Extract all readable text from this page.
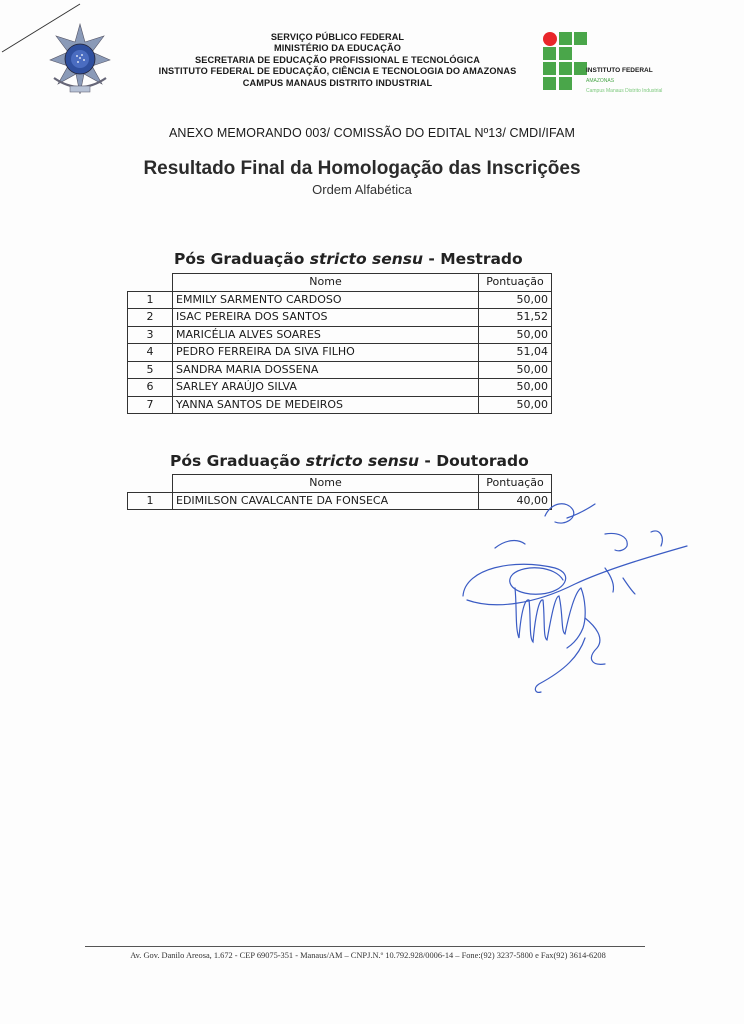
SERVIÇO PÚBLICO FEDERAL
MINISTÉRIO DA EDUCAÇÃO
SECRETARIA DE EDUCAÇÃO PROFISSIONAL E TECNOLÓGICA
INSTITUTO FEDERAL DE EDUCAÇÃO, CIÊNCIA E TECNOLOGIA DO AMAZONAS
CAMPUS MANAUS DISTRITO INDUSTRIAL
INSTITUTO FEDERAL
AMAZONAS
Campus Manaus Distrito Industrial
ANEXO MEMORANDO 003/ COMISSÃO DO EDITAL Nº13/ CMDI/IFAM
Resultado Final da Homologação das Inscrições
Ordem Alfabética
Pós Graduação stricto sensu - Mestrado
	Nome	Pontuação
1	EMMILY SARMENTO CARDOSO	50,00
2	ISAC PEREIRA DOS SANTOS	51,52
3	MARICÉLIA ALVES SOARES	50,00
4	PEDRO FERREIRA DA SIVA FILHO	51,04
5	SANDRA MARIA DOSSENA	50,00
6	SARLEY ARAÚJO SILVA	50,00
7	YANNA SANTOS DE MEDEIROS	50,00
Pós Graduação stricto sensu - Doutorado
	Nome	Pontuação
1	EDIMILSON CAVALCANTE DA FONSECA	40,00
Av. Gov. Danilo Areosa, 1.672 - CEP 69075-351 - Manaus/AM – CNPJ.N.º 10.792.928/0006-14 – Fone:(92) 3237-5800 e Fax(92) 3614-6208
